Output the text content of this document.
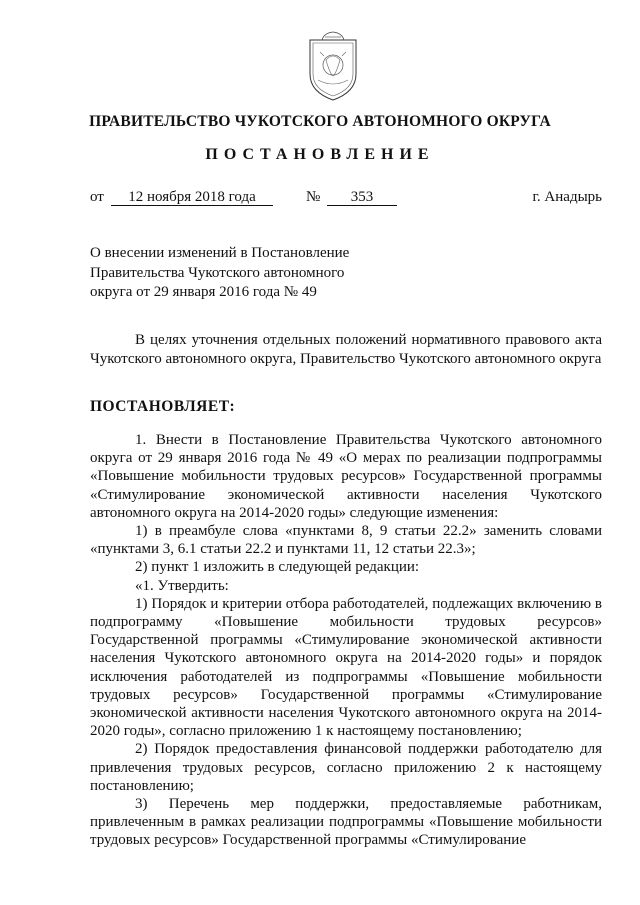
ПРАВИТЕЛЬСТВО ЧУКОТСКОГО АВТОНОМНОГО ОКРУГА
ПОСТАНОВЛЕНИЕ
от	12 ноября 2018 года	№	353	г. Анадырь
О внесении изменений в Постановление
Правительства Чукотского автономного
округа от 29 января 2016 года № 49
В целях уточнения отдельных положений нормативного правового акта Чукотского автономного округа, Правительство Чукотского автономного округа
ПОСТАНОВЛЯЕТ:

1. Внести в Постановление Правительства Чукотского автономного округа от 29 января 2016 года № 49 «О мерах по реализации подпрограммы «Повышение мобильности трудовых ресурсов» Государственной программы «Стимулирование экономической активности населения Чукотского автономного округа на 2014-2020 годы» следующие изменения:

1) в преамбуле слова «пунктами 8, 9 статьи 22.2» заменить словами «пунктами 3, 6.1 статьи 22.2 и пунктами 11, 12 статьи 22.3»;

2) пункт 1 изложить в следующей редакции:

«1. Утвердить:

1) Порядок и критерии отбора работодателей, подлежащих включению в подпрограмму «Повышение мобильности трудовых ресурсов» Государственной программы «Стимулирование экономической активности населения Чукотского автономного округа на 2014-2020 годы» и порядок исключения работодателей из подпрограммы «Повышение мобильности трудовых ресурсов» Государственной программы «Стимулирование экономической активности населения Чукотского автономного округа на 2014-2020 годы», согласно приложению 1 к настоящему постановлению;

2) Порядок предоставления финансовой поддержки работодателю для привлечения трудовых ресурсов, согласно приложению 2 к настоящему постановлению;

3) Перечень мер поддержки, предоставляемые работникам, привлеченным в рамках реализации подпрограммы «Повышение мобильности трудовых ресурсов» Государственной программы «Стимулирование
